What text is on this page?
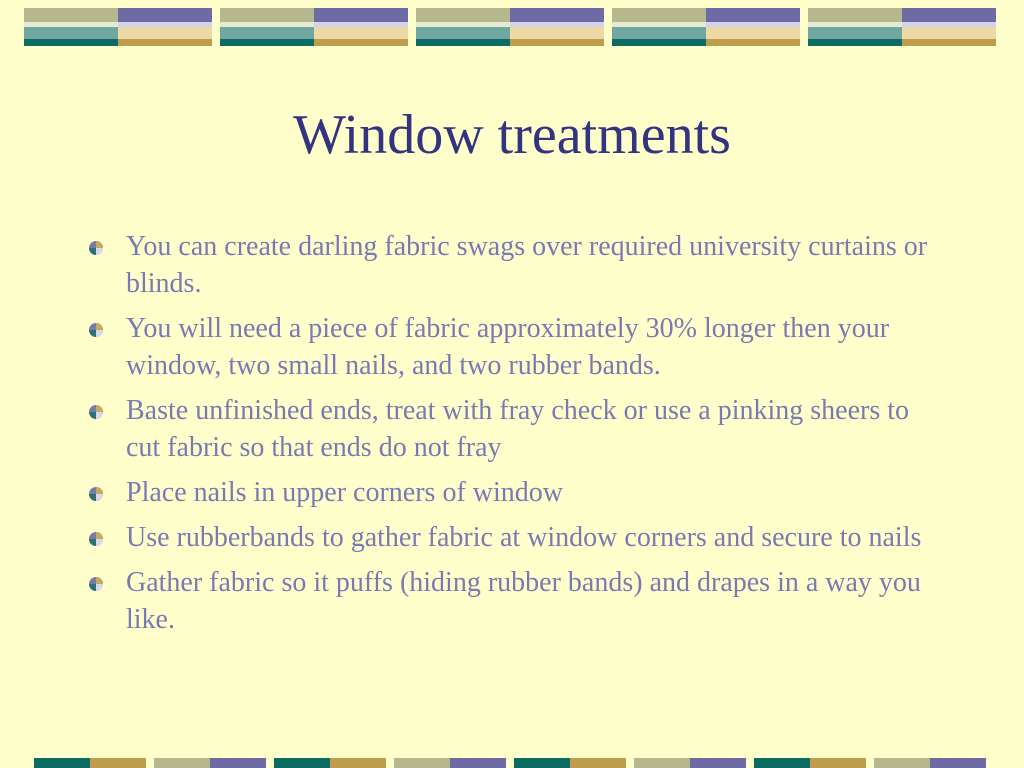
Window treatments
You can create darling fabric swags over required university curtains or blinds.
You will need a piece of fabric approximately 30% longer then your window, two small nails, and two rubber bands.
Baste unfinished ends, treat with fray check or use a pinking sheers to cut fabric so that ends do not fray
Place nails in upper corners of window
Use rubberbands to gather fabric at window corners and secure to nails
Gather fabric so it puffs (hiding rubber bands) and drapes in a way you like.
